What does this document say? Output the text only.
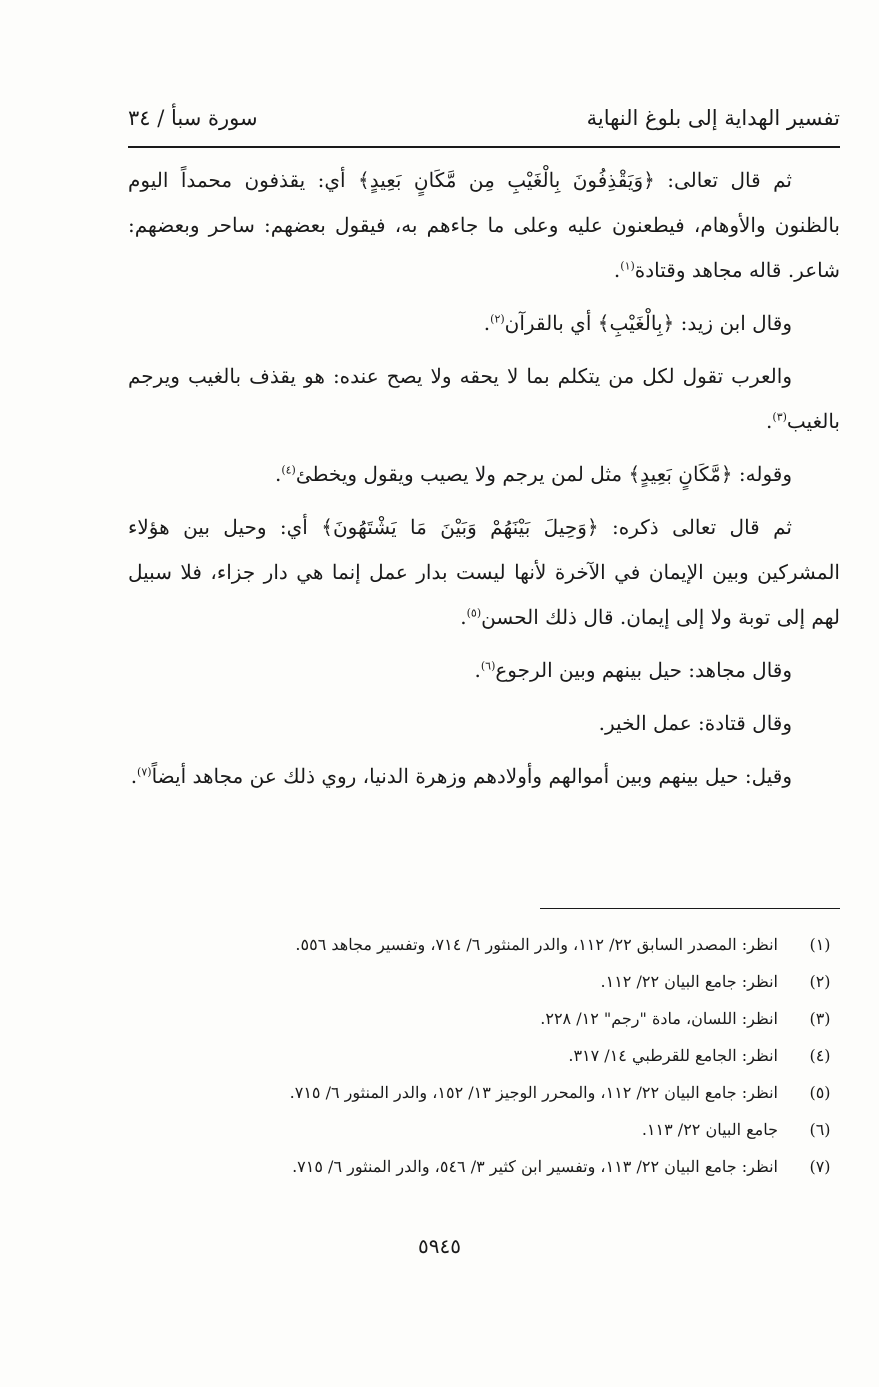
تفسير الهداية إلى بلوغ النهاية
سورة سبأ / ٣٤

ثم قال تعالى: ﴿وَيَقْذِفُونَ بِالْغَيْبِ مِن مَّكَانٍ بَعِيدٍ﴾ أي: يقذفون محمداً اليوم بالظنون والأوهام، فيطعنون عليه وعلى ما جاءهم به، فيقول بعضهم: ساحر وبعضهم: شاعر. قاله مجاهد وقتادة$^{(١)}$.

وقال ابن زيد: ﴿بِالْغَيْبِ﴾ أي بالقرآن$^{(٢)}$.

والعرب تقول لكل من يتكلم بما لا يحقه ولا يصح عنده: هو يقذف بالغيب ويرجم بالغيب$^{(٣)}$.

وقوله: ﴿مَّكَانٍ بَعِيدٍ﴾ مثل لمن يرجم ولا يصيب ويقول ويخطئ$^{(٤)}$.

ثم قال تعالى ذكره: ﴿وَحِيلَ بَيْنَهُمْ وَبَيْنَ مَا يَشْتَهُونَ﴾ أي: وحيل بين هؤلاء المشركين وبين الإيمان في الآخرة لأنها ليست بدار عمل إنما هي دار جزاء، فلا سبيل لهم إلى توبة ولا إلى إيمان. قال ذلك الحسن$^{(٥)}$.

وقال مجاهد: حيل بينهم وبين الرجوع$^{(٦)}$.

وقال قتادة: عمل الخير.

وقيل: حيل بينهم وبين أموالهم وأولادهم وزهرة الدنيا، روي ذلك عن مجاهد أيضاً$^{(٧)}$.

(١)
انظر: المصدر السابق ٢٢/ ١١٢، والدر المنثور ٦/ ٧١٤، وتفسير مجاهد ٥٥٦.
(٢)
انظر: جامع البيان ٢٢/ ١١٢.
(٣)
انظر: اللسان، مادة "رجم" ١٢/ ٢٢٨.
(٤)
انظر: الجامع للقرطبي ١٤/ ٣١٧.
(٥)
انظر: جامع البيان ٢٢/ ١١٢، والمحرر الوجيز ١٣/ ١٥٢، والدر المنثور ٦/ ٧١٥.
(٦)
جامع البيان ٢٢/ ١١٣.
(٧)
انظر: جامع البيان ٢٢/ ١١٣، وتفسير ابن كثير ٣/ ٥٤٦، والدر المنثور ٦/ ٧١٥.
٥٩٤٥
